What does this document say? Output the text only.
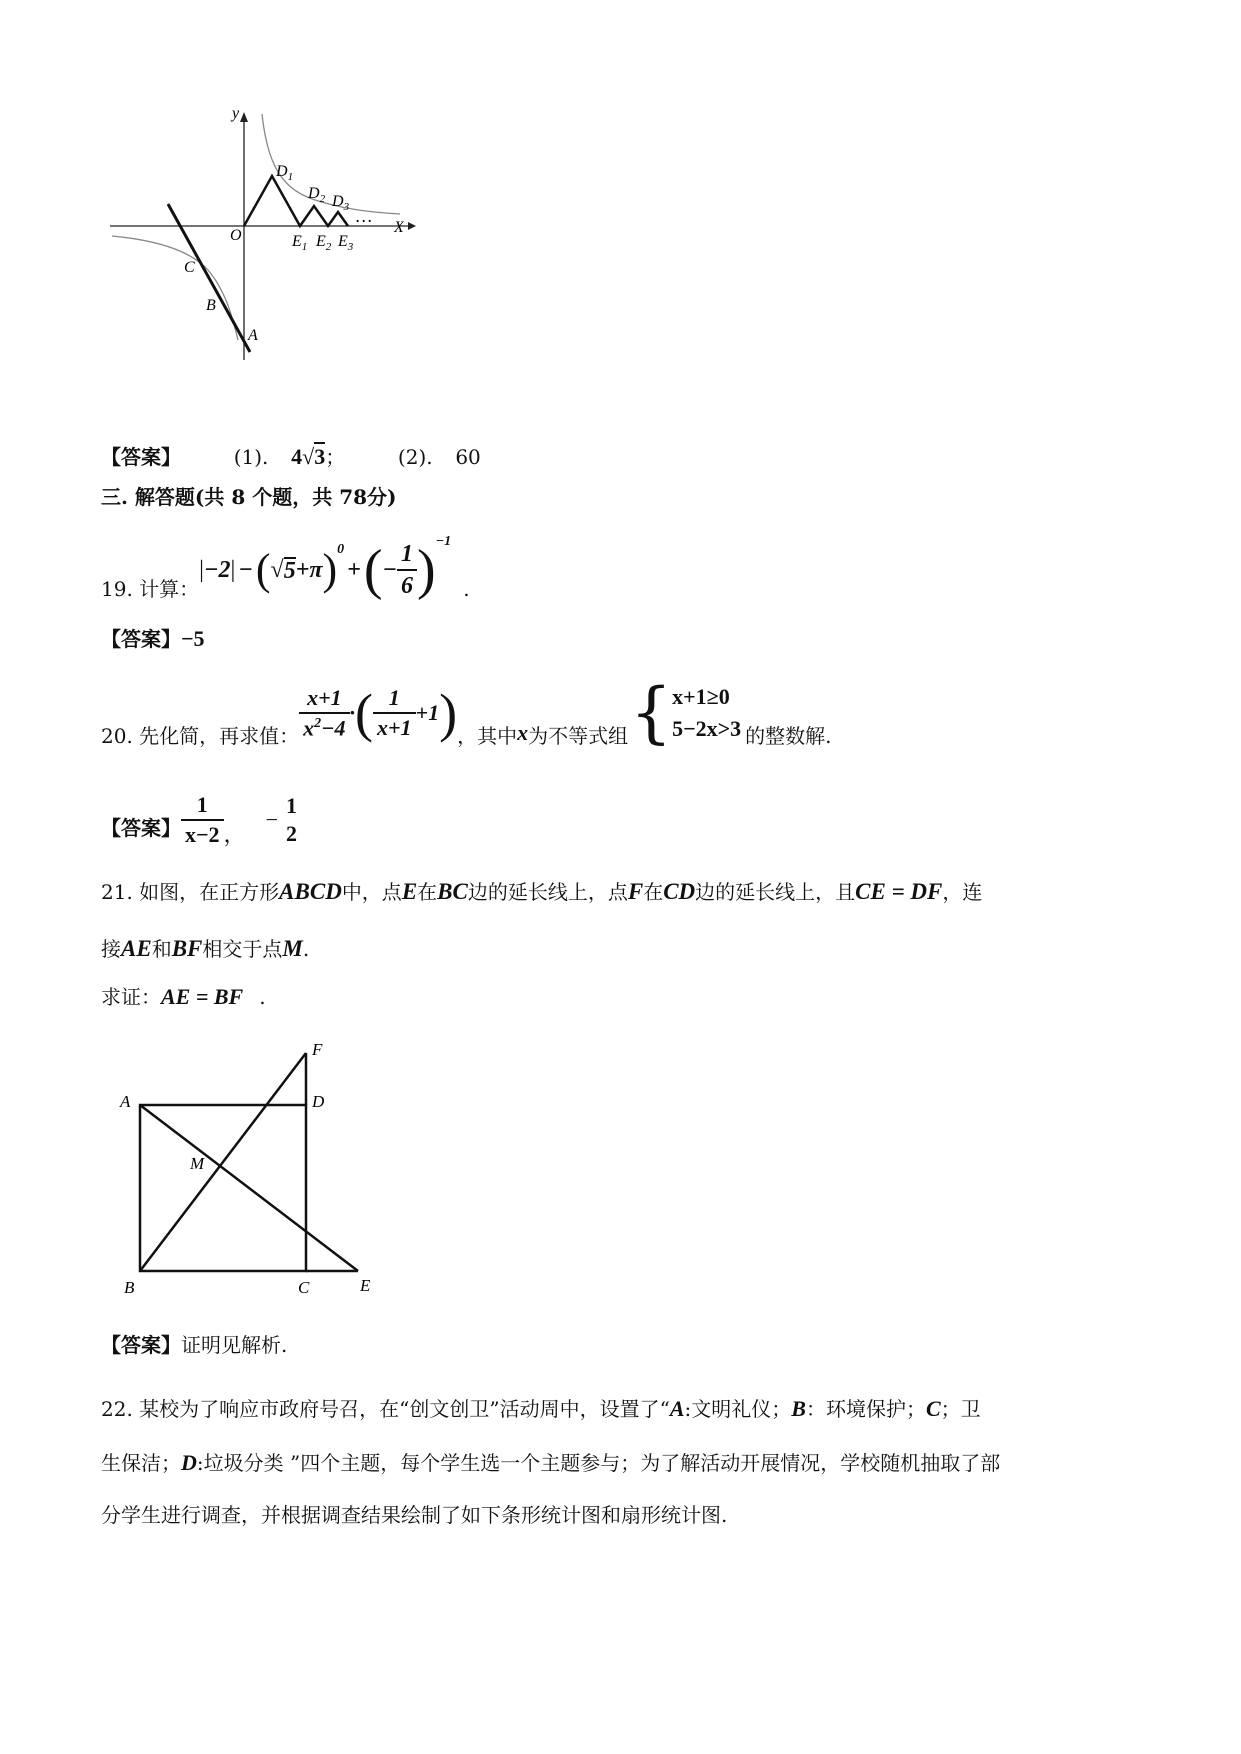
…
y
X
O
$D_1$
$D_2$ $D_3$
$E_1$ $E_2$ $E_3$
C
B
A
【答案】	(1). 4√3；	(2). 60
三. 解答题(共 8 个题，共 78分)
19. 计算：
| −2 | − ( √ 5 +π )$^0$
+ ( − $\frac{1}{6} )^{-1}$
.
【答案】−5
20. 先化简，再求值： $\frac{x+1}{x^2-4}$ · ( $\frac{1}{x+1} +1$ ) ，其中 x 为不等式组 { x+1≥0
5−2x>3 的整数解.
【答案】 $\frac{1}{x-2}$ ，
−
1
2
21. 如图，在正方形ABCD中，点E在BC边的延长线上，点F在CD边的延长线上，且CE = DF，连
接AE和BF相交于点M.
求证：AE = BF .
A
B	C
D
E
F
M
【答案】证明见解析.
22. 某校为了响应市政府号召，在“创文创卫”活动周中，设置了“A:文明礼仪；B：环境保护；C；卫
生保洁；D:垃圾分类 ”四个主题，每个学生选一个主题参与；为了解活动开展情况，学校随机抽取了部
分学生进行调查，并根据调查结果绘制了如下条形统计图和扇形统计图.
